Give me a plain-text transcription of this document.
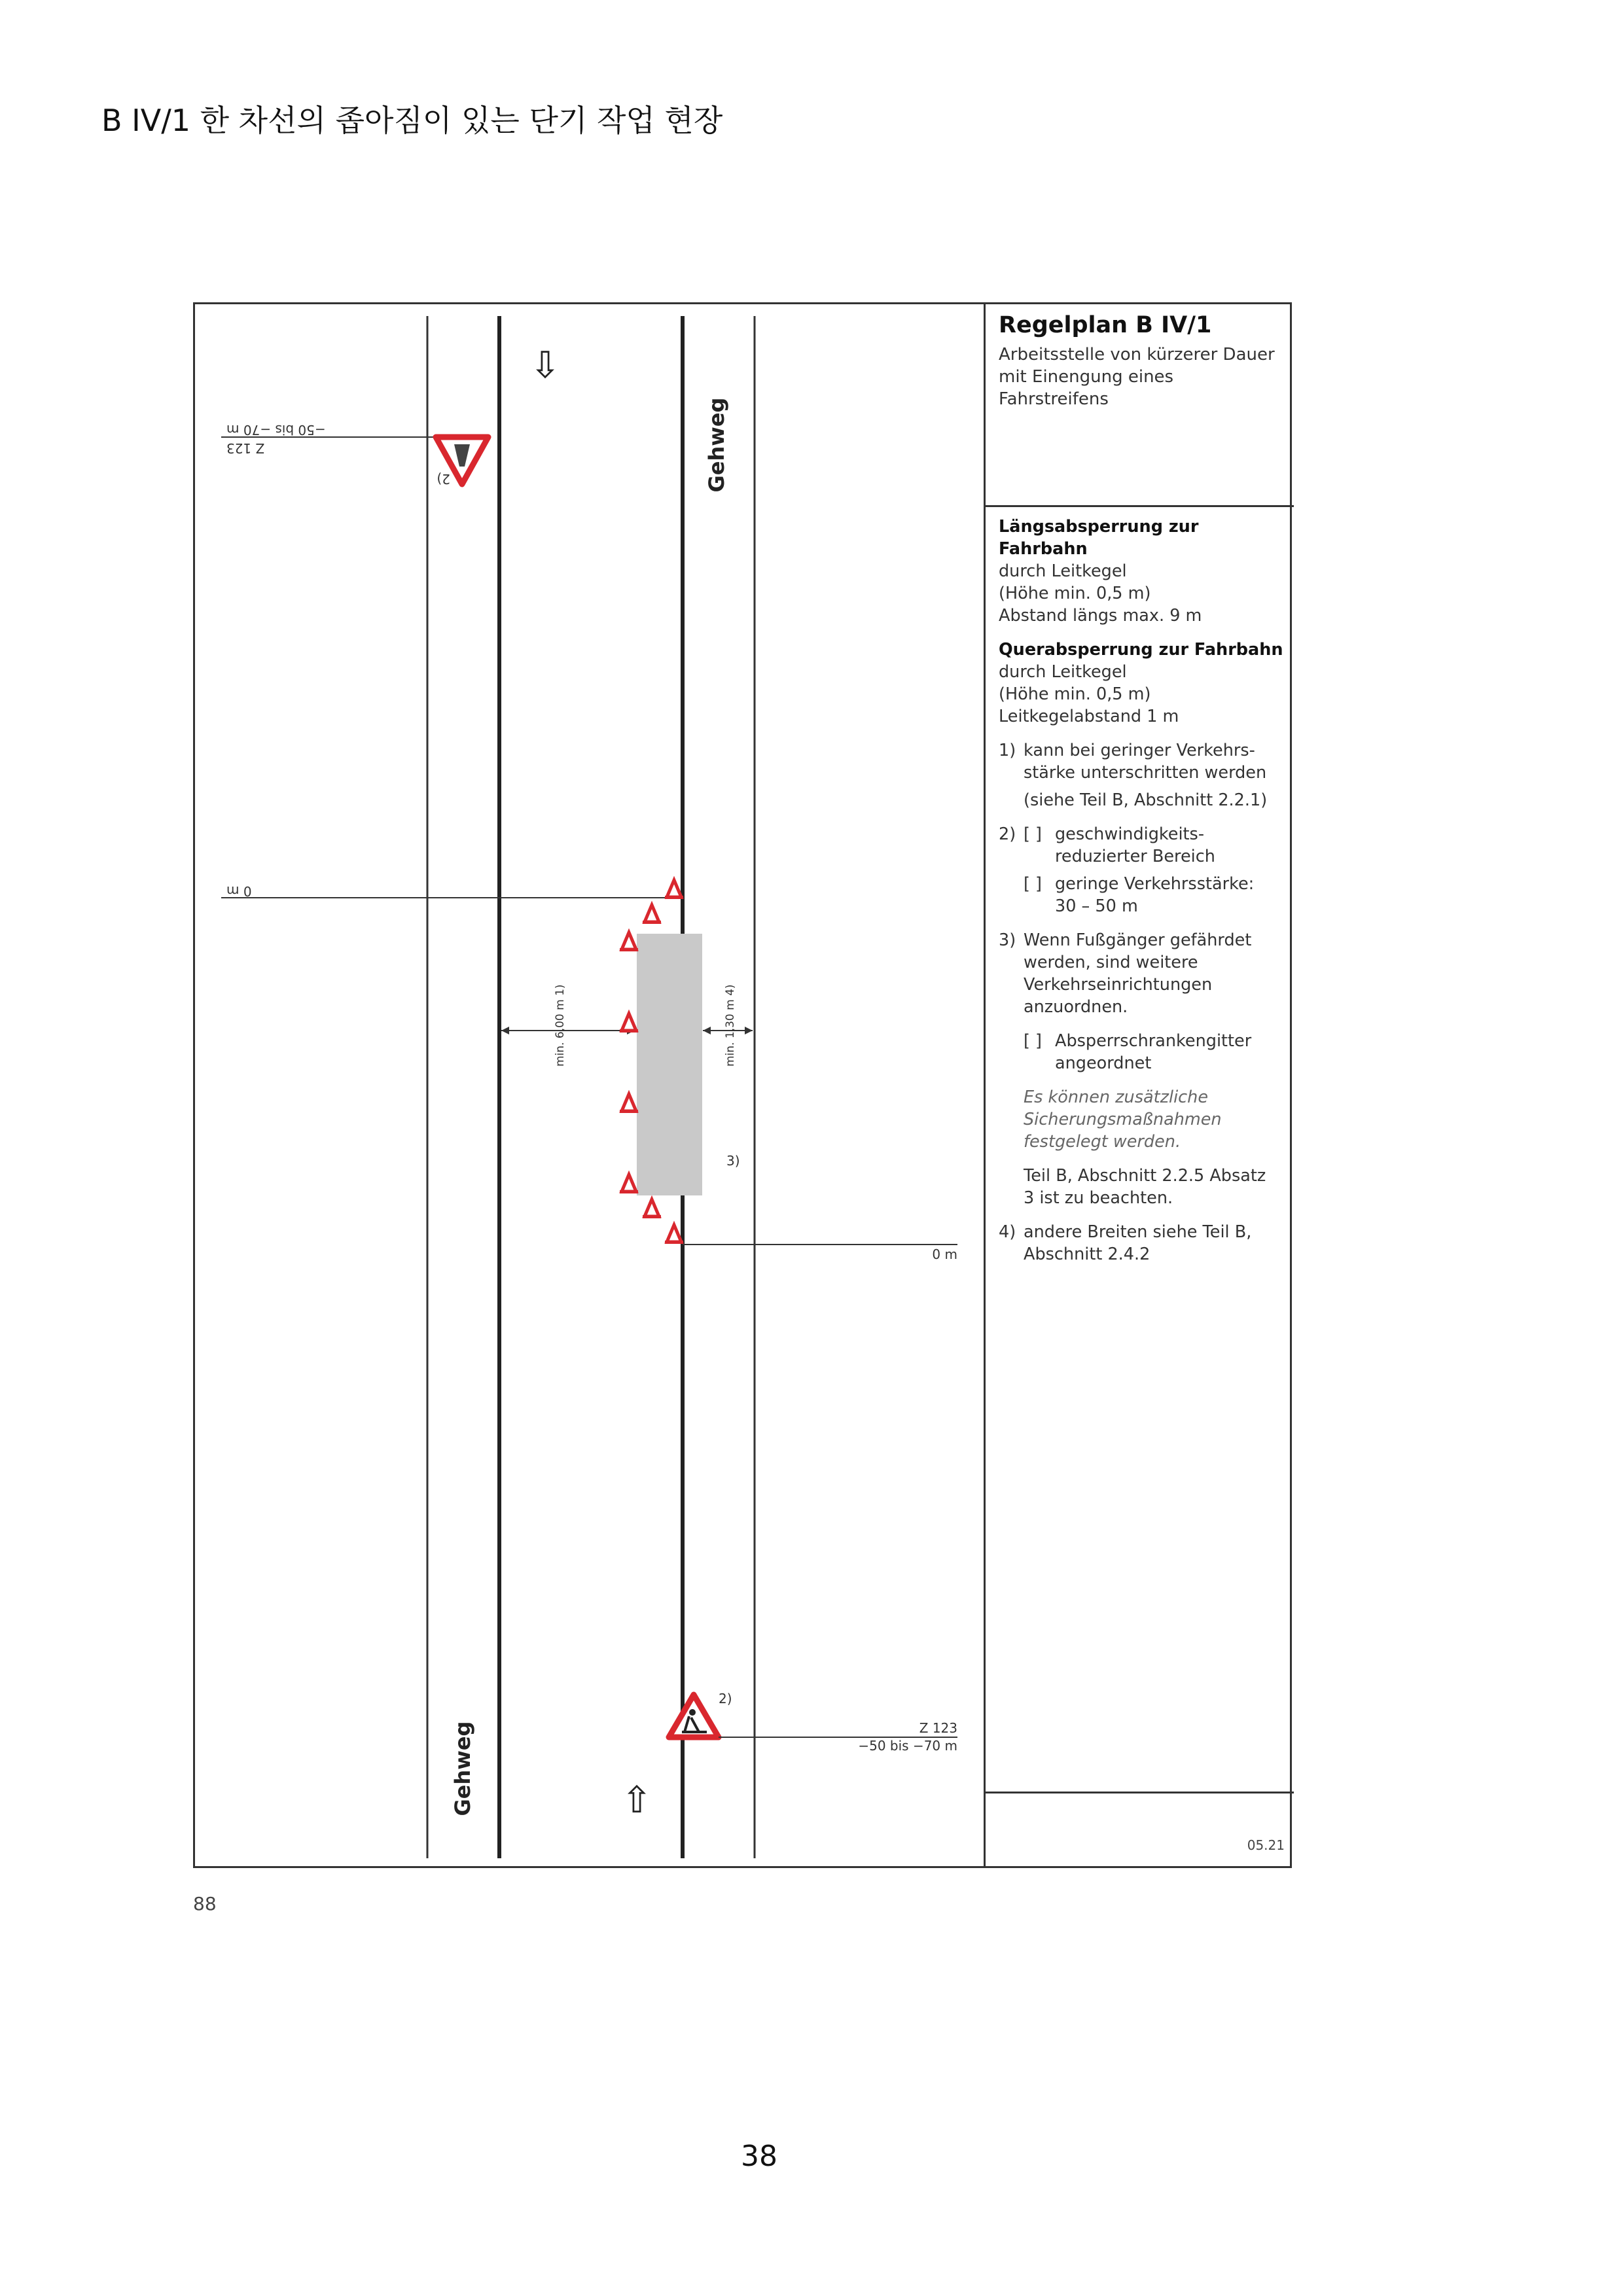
B IV/1 한 차선의 좁아짐이 있는 단기 작업 현장
Gehweg
Gehweg
⇩
⇧
−50 bis −70 m
Z 123
2)
0 m
min. 6,00 m 1)	min. 1,30 m 4)
3)
0 m
2)
Z 123
−50 bis −70 m
Regelplan B IV/1
Arbeitsstelle von kürzerer Dauer
mit Einengung eines
Fahrstreifens
Längsabsperrung zur Fahrbahn
durch Leitkegel
(Höhe min. 0,5 m)
Abstand längs max. 9 m
Querabsperrung zur Fahrbahn
durch Leitkegel
(Höhe min. 0,5 m)
Leitkegelabstand 1 m
1) kann bei geringer Verkehrs-
stärke unterschritten werden
(siehe Teil B, Abschnitt 2.2.1)
2) [ ] geschwindigkeits-
reduzierter Bereich
[ ] geringe Verkehrsstärke:
30 – 50 m
3) Wenn Fußgänger gefährdet
werden, sind weitere
Verkehrseinrichtungen
anzuordnen.
[ ] Absperrschrankengitter
angeordnet
Es können zusätzliche
Sicherungsmaßnahmen
festgelegt werden.
Teil B, Abschnitt 2.2.5 Absatz
3 ist zu beachten.
4) andere Breiten siehe Teil B,
Abschnitt 2.4.2
05.21
88
38
